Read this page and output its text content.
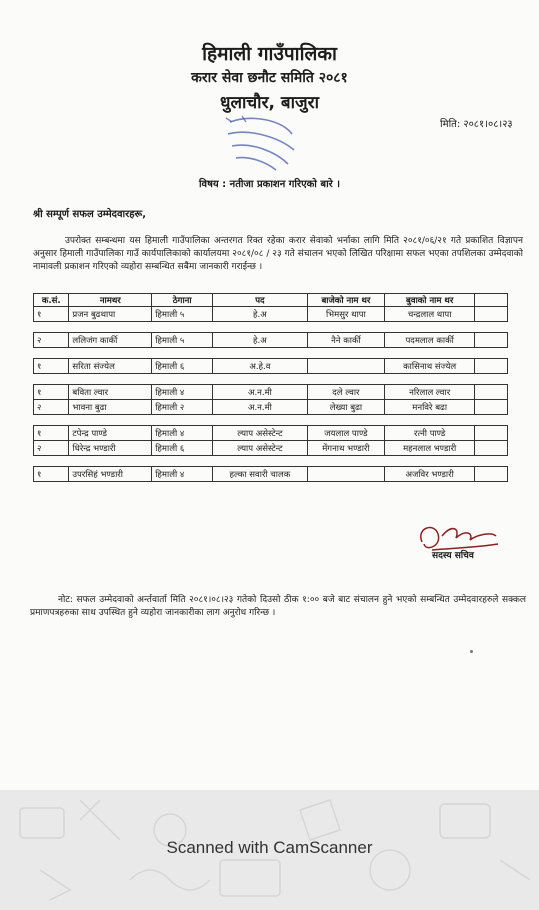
हिमाली गाउँपालिका
करार सेवा छनौट समिति २०८१
धुलाचौर, बाजुरा
मिति: २०८१।०८।२३
विषय : नतीजा प्रकाशन गरिएको बारे ।
श्री सम्पूर्ण सफल उम्मेदवारहरू,
उपरोक्त सम्बन्धमा यस हिमाली गाउँपालिका अन्तरगत रिक्त रहेका करार सेवाको भर्नाका लागि मिति २०८१/०६/२१ गते प्रकाशित विज्ञापन अनुसार हिमाली गाउँपालिका गाउँ कार्यपालिकाको कार्यालयमा २०८१/०८ / २३ गते संचालन भएको लिखित परिक्षामा सफल भएका तपशिलका उम्मेदवाको नामावली प्रकाशन गरिएको व्यहोरा सम्बन्धित सबैमा जानकारी गराईन्छ ।
क.सं.	नामथर	ठेगाना	पद	बाजेको नाम थर	बुवाको नाम थर	
१	प्रजन बुढथापा	हिमाली ५	हे.अ	भिमसुर थापा	चन्द्रलाल थापा	

२	ललिजंग कार्की	हिमाली ५	हे.अ	नैने कार्की	पदमलाल कार्की	

१	सरिता संज्येल	हिमाली ६	अ.हे.व		कासिनाथ संज्येल	

१	बविता ल्वार	हिमाली ४	अ.न.मी	दले ल्वार	नरिलाल ल्वार	
२	भावना बुढा	हिमाली २	अ.न.मी	लेख्या बुढा	मनविरे बढा	

१	टपेन्द्र पाण्डे	हिमाली ४	ल्याप असेस्टेन्ट	जयलाल पाण्डे	रत्नी पाण्डे	
२	धिरेन्द्र भण्डारी	हिमाली ६	ल्याप असेस्टेन्ट	मेंगनाथ भण्डारी	महनलाल भण्डारी	

१	उपरसिहं भण्डारी	हिमाली ४	हल्का सवारी चालक		अजविर भण्डारी	
सदस्य सचिव
नोट: सफल उम्मेदवाको अर्न्तवार्ता मिति २०८१।०८।२३ गतेको दिउसो ठीक १:०० बजे बाट संचालन हुने भएको सम्बन्धित उम्मेदवारहरुले सक्कल प्रमाणपत्रहरुका साथ उपस्थित हुने व्यहोरा जानकारीका लाग अनुरोध गरिन्छ ।
Scanned with CamScanner
